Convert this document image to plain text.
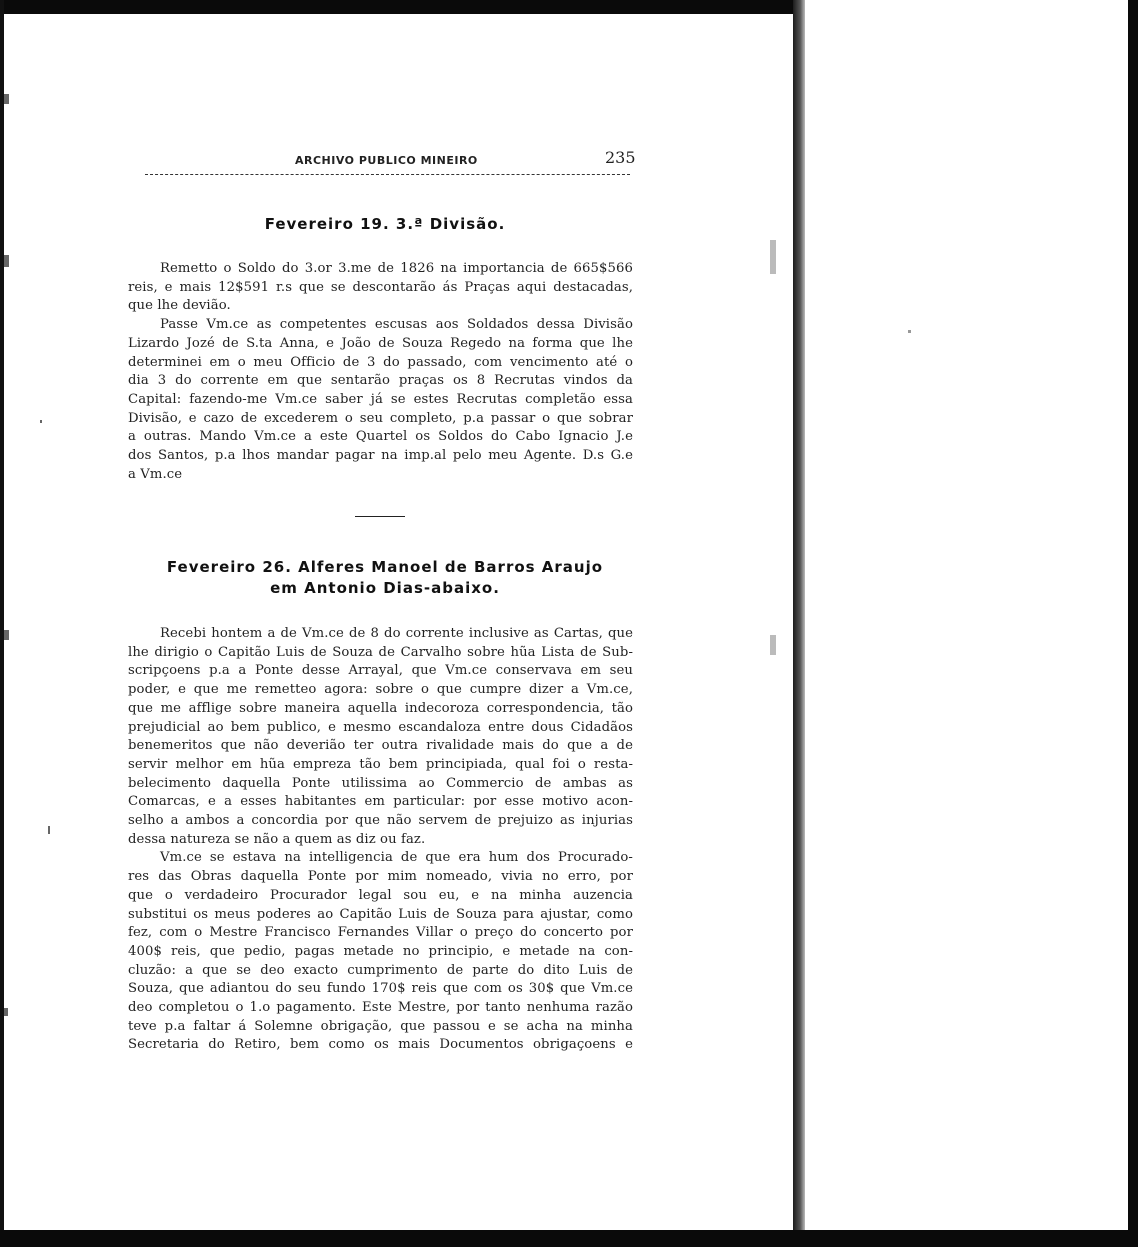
ARCHIVO PUBLICO MINEIRO	235
Fevereiro 19. 3.ª Divisão.
Remetto o Soldo do 3.or 3.me de 1826 na importancia de 665$566
reis, e mais 12$591 r.s que se descontarão ás Praças aqui destacadas,
que lhe devião.
Passe Vm.ce as competentes escusas aos Soldados dessa Divisão
Lizardo Jozé de S.ta Anna, e João de Souza Regedo na forma que lhe
determinei em o meu Officio de 3 do passado, com vencimento até o
dia 3 do corrente em que sentarão praças os 8 Recrutas vindos da
Capital: fazendo-me Vm.ce saber já se estes Recrutas completão essa
Divisão, e cazo de excederem o seu completo, p.a passar o que sobrar
a outras. Mando Vm.ce a este Quartel os Soldos do Cabo Ignacio J.e
dos Santos, p.a lhos mandar pagar na imp.al pelo meu Agente. D.s G.e
a Vm.ce
Fevereiro 26. Alferes Manoel de Barros Araujo
em Antonio Dias-abaixo.
Recebi hontem a de Vm.ce de 8 do corrente inclusive as Cartas, que
lhe dirigio o Capitão Luis de Souza de Carvalho sobre hũa Lista de Sub-
scripçoens p.a a Ponte desse Arrayal, que Vm.ce conservava em seu
poder, e que me remetteo agora: sobre o que cumpre dizer a Vm.ce,
que me afflige sobre maneira aquella indecoroza correspondencia, tão
prejudicial ao bem publico, e mesmo escandaloza entre dous Cidadãos
benemeritos que não deverião ter outra rivalidade mais do que a de
servir melhor em hũa empreza tão bem principiada, qual foi o resta-
belecimento daquella Ponte utilissima ao Commercio de ambas as
Comarcas, e a esses habitantes em particular: por esse motivo acon-
selho a ambos a concordia por que não servem de prejuizo as injurias
dessa natureza se não a quem as diz ou faz.
Vm.ce se estava na intelligencia de que era hum dos Procurado-
res das Obras daquella Ponte por mim nomeado, vivia no erro, por
que o verdadeiro Procurador legal sou eu, e na minha auzencia
substitui os meus poderes ao Capitão Luis de Souza para ajustar, como
fez, com o Mestre Francisco Fernandes Villar o preço do concerto por
400$ reis, que pedio, pagas metade no principio, e metade na con-
cluzão: a que se deo exacto cumprimento de parte do dito Luis de
Souza, que adiantou do seu fundo 170$ reis que com os 30$ que Vm.ce
deo completou o 1.o pagamento. Este Mestre, por tanto nenhuma razão
teve p.a faltar á Solemne obrigação, que passou e se acha na minha
Secretaria do Retiro, bem como os mais Documentos obrigaçoens e
